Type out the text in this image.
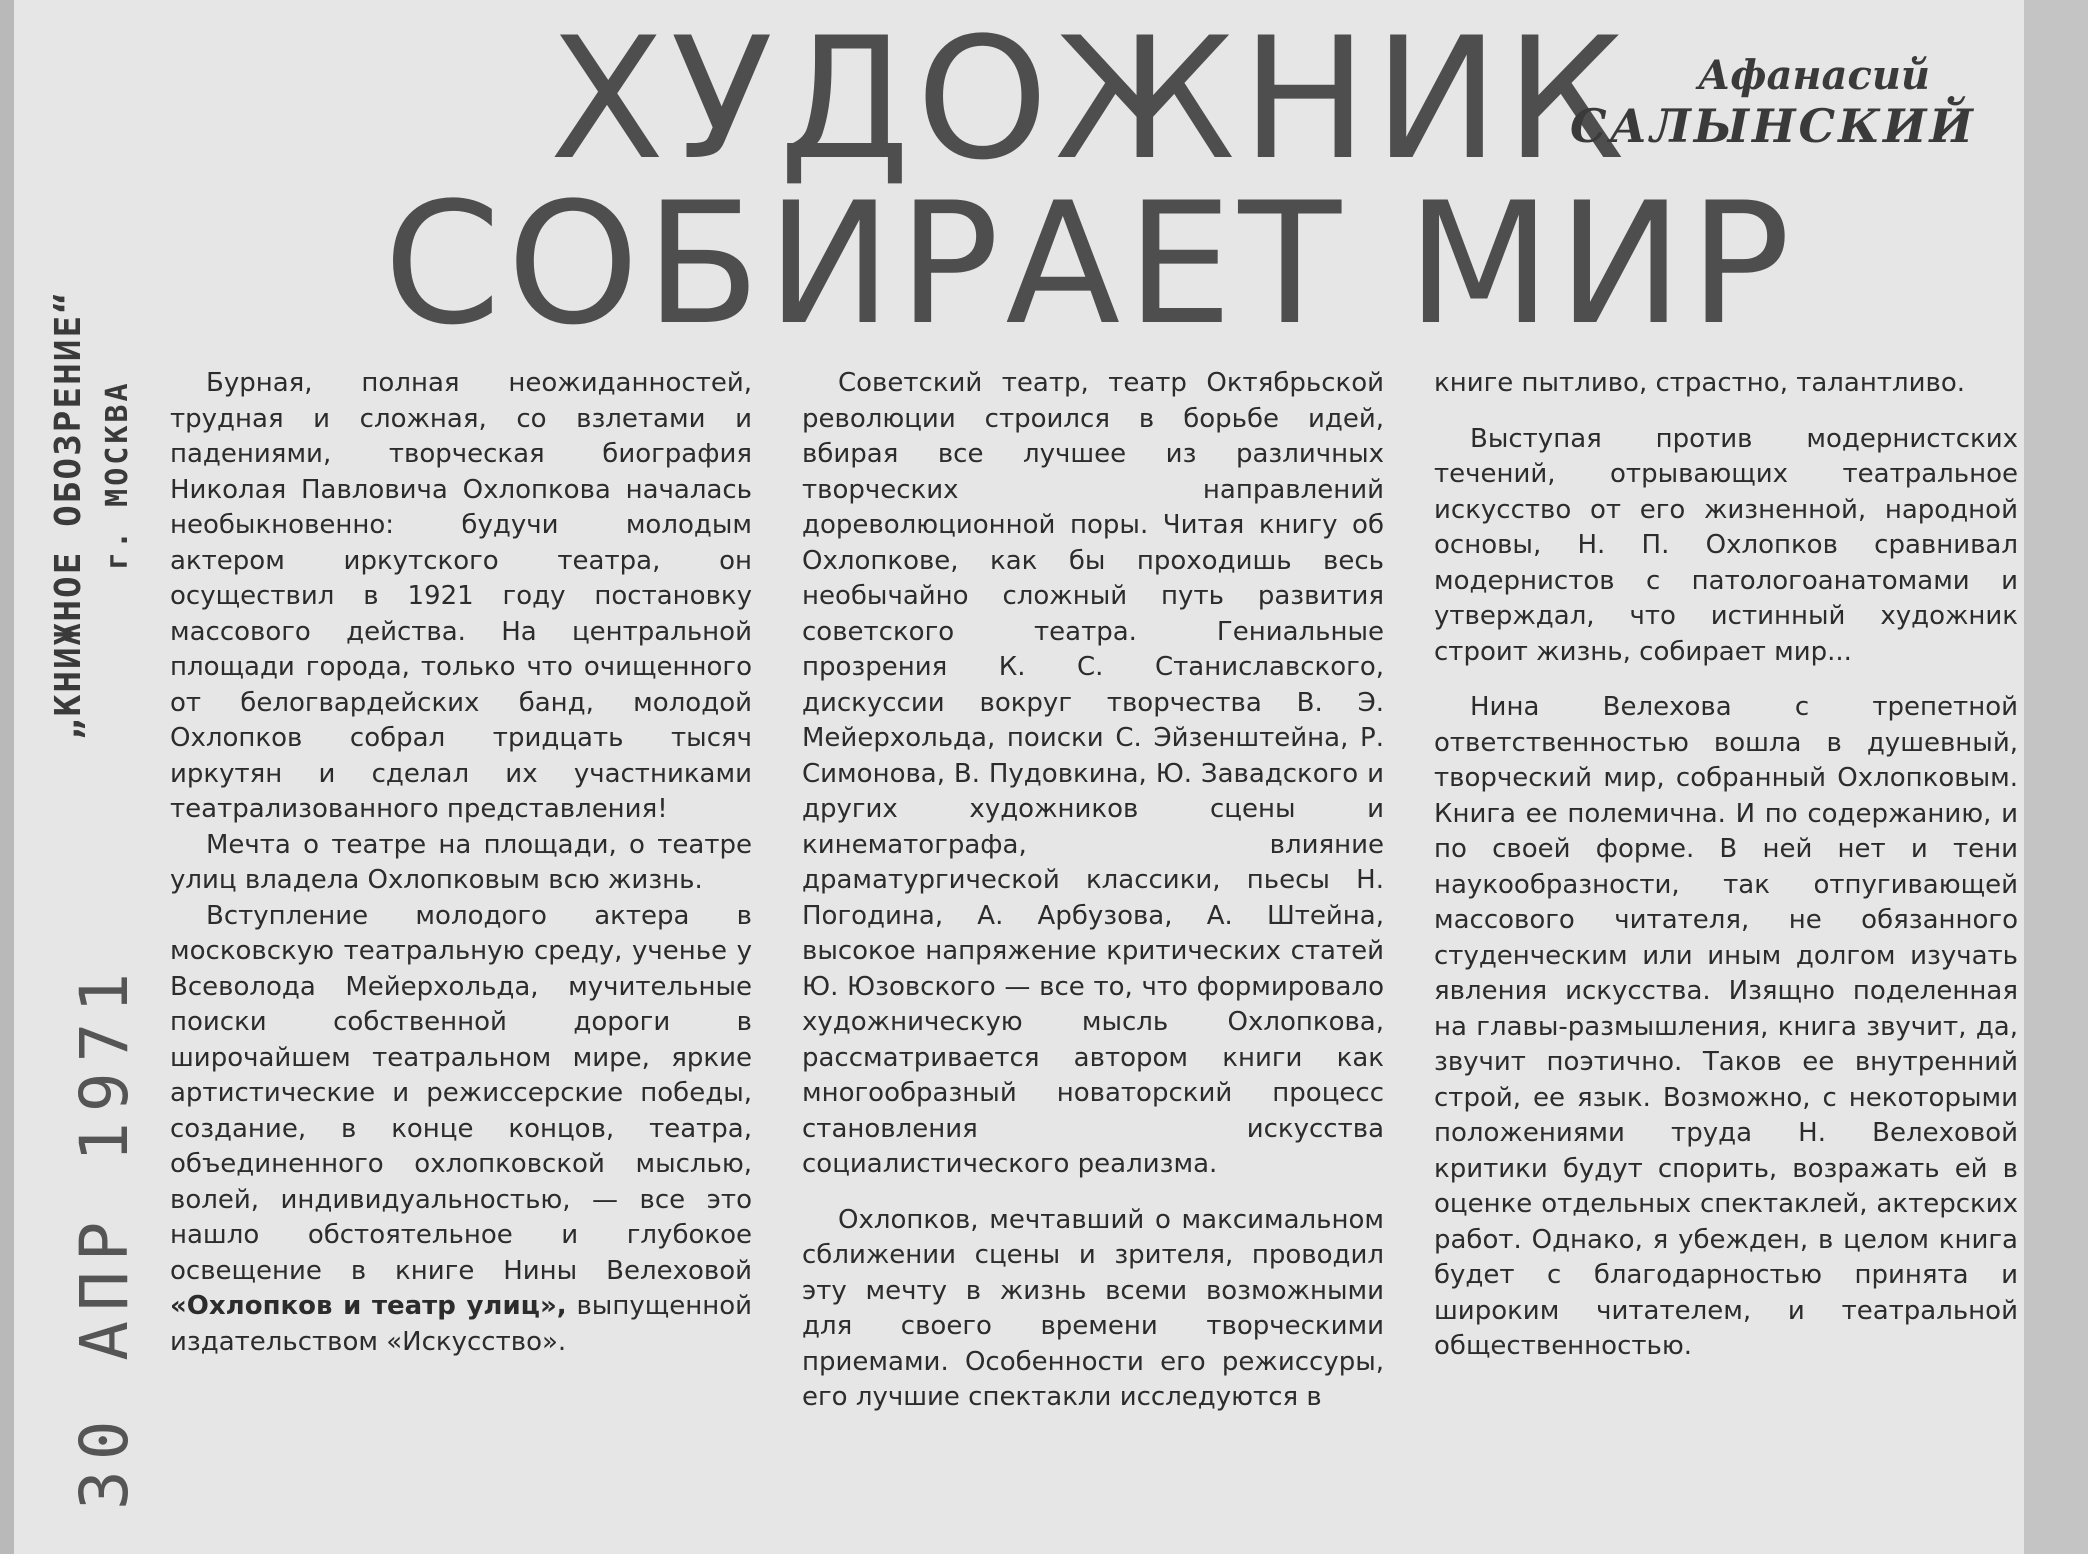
„КНИЖНОЕ ОБОЗРЕНИЕ“ г. МОСКВА
30 АПР 1971
ХУДОЖНИК
СОБИРАЕТ МИР
Афанасий
САЛЫНСКИЙ

Бурная, полная неожиданностей, трудная и сложная, со взлетами и падениями, творческая биография Николая Павловича Охлопкова началась необыкновенно: будучи молодым актером иркутского театра, он осуществил в 1921 году постановку массового действа. На центральной площади города, только что очищенного от белогвардейских банд, молодой Охлопков собрал тридцать тысяч иркутян и сделал их участниками театрализованного представления!

Мечта о театре на площади, о театре улиц владела Охлопковым всю жизнь.

Вступление молодого актера в московскую театральную среду, ученье у Всеволода Мейерхольда, мучительные поиски собственной дороги в широчайшем театральном мире, яркие артистические и режиссерские победы, создание, в конце концов, театра, объединенного охлопковской мыслью, волей, индивидуальностью, — все это нашло обстоятельное и глубокое освещение в книге Нины Велеховой «Охлопков и театр улиц», выпущенной издательством «Искусство».

Советский театр, театр Октябрьской революции строился в борьбе идей, вбирая все лучшее из различных творческих направлений дореволюционной поры. Читая книгу об Охлопкове, как бы проходишь весь необычайно сложный путь развития советского театра. Гениальные прозрения К. С. Станиславского, дискуссии вокруг творчества В. Э. Мейерхольда, поиски С. Эйзенштейна, Р. Симонова, В. Пудовкина, Ю. Завадского и других художников сцены и кинематографа, влияние драматургической классики, пьесы Н. Погодина, А. Арбузова, А. Штейна, высокое напряжение критических статей Ю. Юзовского — все то, что формировало художническую мысль Охлопкова, рассматривается автором книги как многообразный новаторский процесс становления искусства социалистического реализма.

Охлопков, мечтавший о максимальном сближении сцены и зрителя, проводил эту мечту в жизнь всеми возможными для своего времени творческими приемами. Особенности его режиссуры, его лучшие спектакли исследуются в

книге пытливо, страстно, талантливо.

Выступая против модернистских течений, отрывающих театральное искусство от его жизненной, народной основы, Н. П. Охлопков сравнивал модернистов с патологоанатомами и утверждал, что истинный художник строит жизнь, собирает мир...

Нина Велехова с трепетной ответственностью вошла в душевный, творческий мир, собранный Охлопковым. Книга ее полемична. И по содержанию, и по своей форме. В ней нет и тени наукообразности, так отпугивающей массового читателя, не обязанного студенческим или иным долгом изучать явления искусства. Изящно поделенная на главы-размышления, книга звучит, да, звучит поэтично. Таков ее внутренний строй, ее язык. Возможно, с некоторыми положениями труда Н. Велеховой критики будут спорить, возражать ей в оценке отдельных спектаклей, актерских работ. Однако, я убежден, в целом книга будет с благодарностью принята и широким читателем, и театральной общественностью.
